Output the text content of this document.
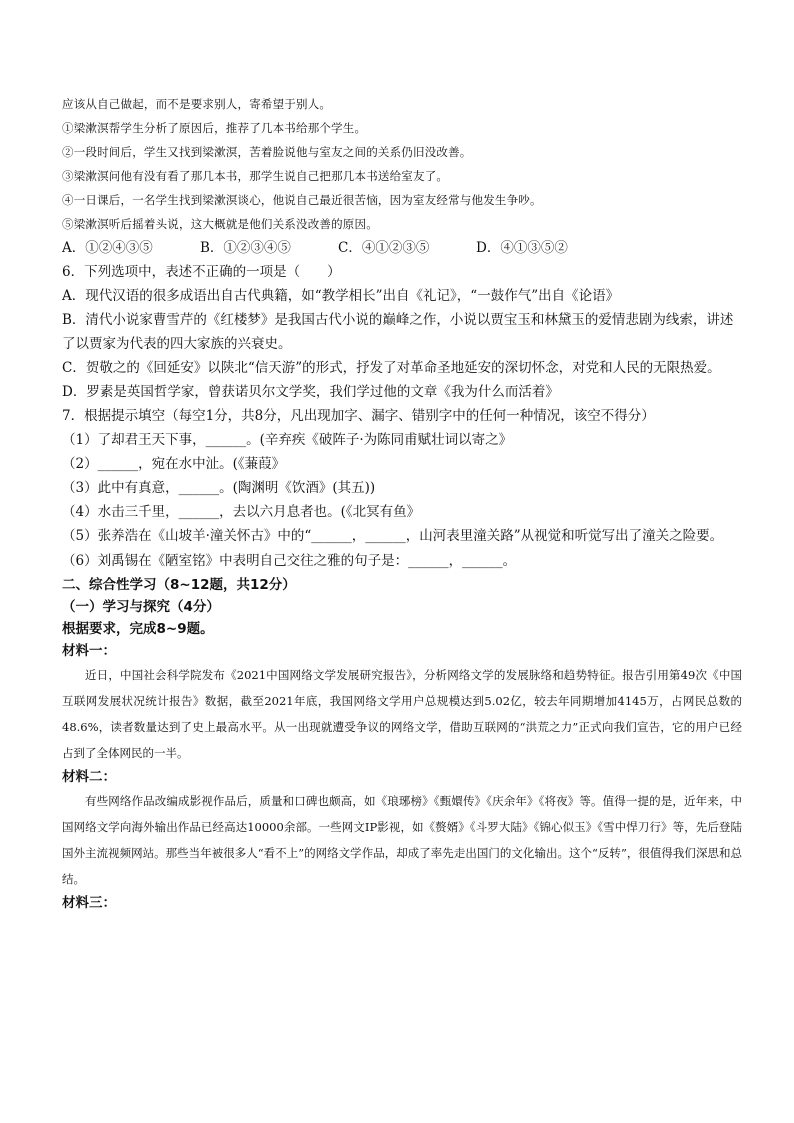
应该从自己做起，而不是要求别人，寄希望于别人。
①梁漱溟帮学生分析了原因后，推荐了几本书给那个学生。
②一段时间后，学生又找到梁漱溟，苦着脸说他与室友之间的关系仍旧没改善。
③梁漱溟问他有没有看了那几本书，那学生说自己把那几本书送给室友了。
④一日课后，一名学生找到梁漱溟谈心，他说自己最近很苦恼，因为室友经常与他发生争吵。
⑤梁漱溟听后摇着头说，这大概就是他们关系没改善的原因。
A．①②④③⑤	B．①②③④⑤	C．④①②③⑤	D．④①③⑤②
6．下列选项中，表述不正确的一项是（　　）
A．现代汉语的很多成语出自古代典籍，如“教学相长”出自《礼记》，“一鼓作气”出自《论语》
B．清代小说家曹雪芹的《红楼梦》是我国古代小说的巅峰之作，小说以贾宝玉和林黛玉的爱情悲剧为线索，讲述了以贾家为代表的四大家族的兴衰史。
C．贺敬之的《回延安》以陕北“信天游”的形式，抒发了对革命圣地延安的深切怀念，对党和人民的无限热爱。
D．罗素是英国哲学家，曾获诺贝尔文学奖，我们学过他的文章《我为什么而活着》
7．根据提示填空（每空1分，共8分，凡出现加字、漏字、错别字中的任何一种情况，该空不得分）
（1）了却君王天下事，______。(辛弃疾《破阵子·为陈同甫赋壮词以寄之》
（2）______，宛在水中沚。(《蒹葭》
（3）此中有真意，______。(陶渊明《饮酒》(其五))
（4）水击三千里，______，去以六月息者也。(《北冥有鱼》
（5）张养浩在《山坡羊·潼关怀古》中的“______，______，山河表里潼关路”从视觉和听觉写出了潼关之险要。
（6）刘禹锡在《陋室铭》中表明自己交往之雅的句子是：______，______。
二、综合性学习（8~12题，共12分）
（一）学习与探究（4分）
根据要求，完成8~9题。
材料一：
近日，中国社会科学院发布《2021中国网络文学发展研究报告》，分析网络文学的发展脉络和趋势特征。报告引用第49次《中国互联网发展状况统计报告》数据，截至2021年底，我国网络文学用户总规模达到5.02亿，较去年同期增加4145万，占网民总数的48.6%，读者数量达到了史上最高水平。从一出现就遭受争议的网络文学，借助互联网的“洪荒之力”正式向我们宣告，它的用户已经占到了全体网民的一半。
材料二：
有些网络作品改编成影视作品后，质量和口碑也颇高，如《琅琊榜》《甄嬛传》《庆余年》《将夜》等。值得一提的是，近年来，中国网络文学向海外输出作品已经高达10000余部。一些网文IP影视，如《赘婿》《斗罗大陆》《锦心似玉》《雪中悍刀行》等，先后登陆国外主流视频网站。那些当年被很多人“看不上”的网络文学作品，却成了率先走出国门的文化输出。这个“反转”，很值得我们深思和总结。
材料三：
